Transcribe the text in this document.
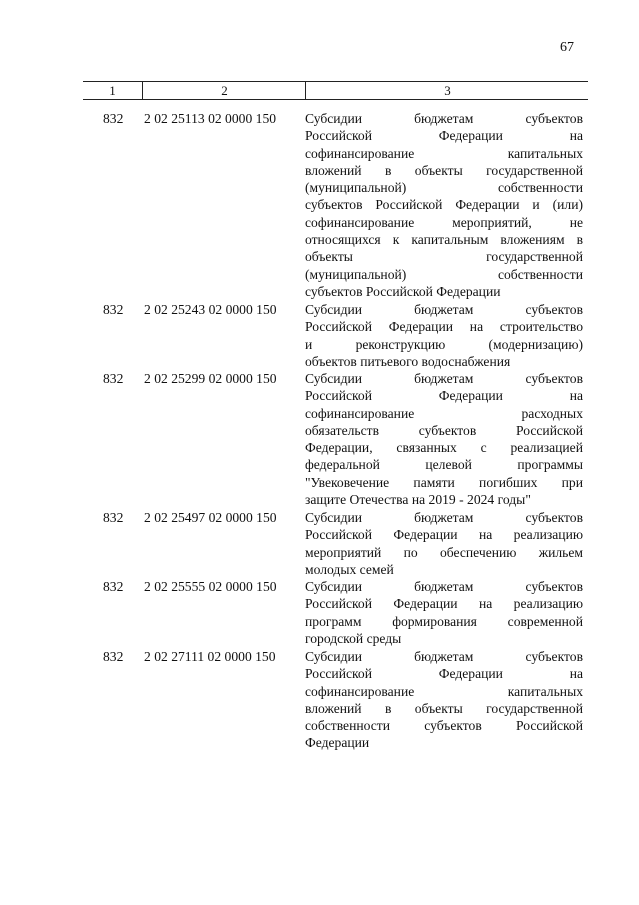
67
1	2	3
832 2 02 25113 02 0000 150 Субсидии бюджетам субъектов
Российской Федерации на
софинансирование капитальных
вложений в объекты государственной
(муниципальной) собственности
субъектов Российской Федерации и (или)
софинансирование мероприятий, не
относящихся к капитальным вложениям в
объекты государственной
(муниципальной) собственности
субъектов Российской Федерации
832 2 02 25243 02 0000 150 Субсидии бюджетам субъектов
Российской Федерации на строительство
и реконструкцию (модернизацию)
объектов питьевого водоснабжения
832 2 02 25299 02 0000 150 Субсидии бюджетам субъектов
Российской Федерации на
софинансирование расходных
обязательств субъектов Российской
Федерации, связанных с реализацией
федеральной целевой программы
"Увековечение памяти погибших при
защите Отечества на 2019 - 2024 годы"
832 2 02 25497 02 0000 150 Субсидии бюджетам субъектов
Российской Федерации на реализацию
мероприятий по обеспечению жильем
молодых семей
832 2 02 25555 02 0000 150 Субсидии бюджетам субъектов
Российской Федерации на реализацию
программ формирования современной
городской среды
832 2 02 27111 02 0000 150 Субсидии бюджетам субъектов
Российской Федерации на
софинансирование капитальных
вложений в объекты государственной
собственности субъектов Российской
Федерации
